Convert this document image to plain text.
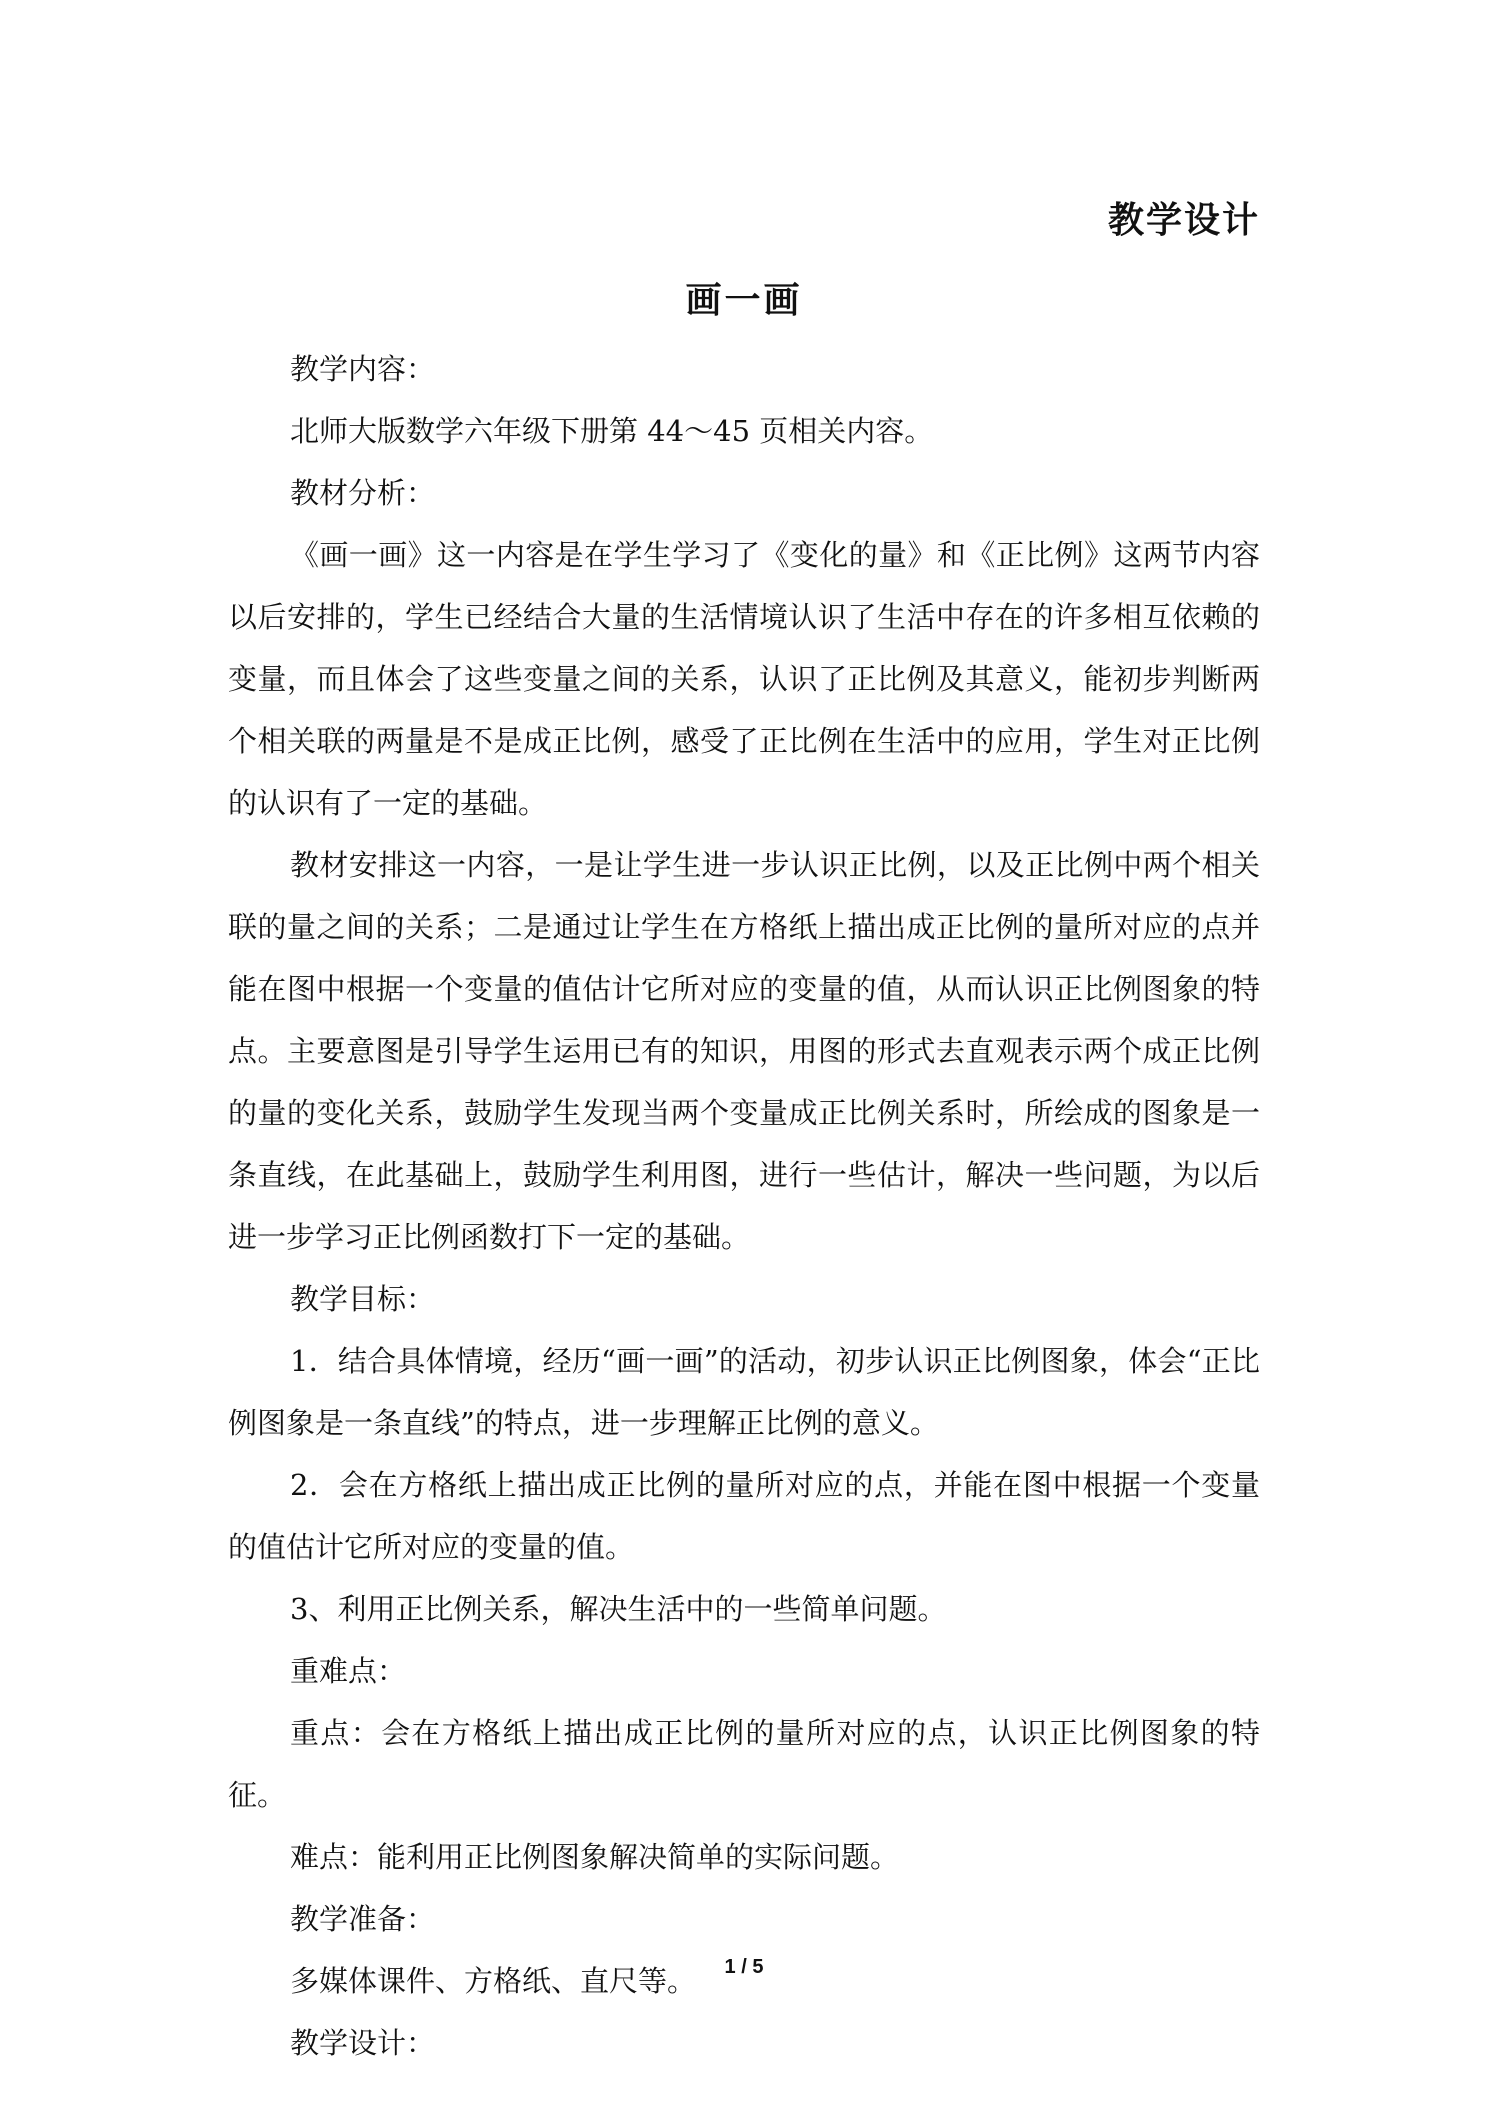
教学设计
画一画

教学内容：

北师大版数学六年级下册第 44～45 页相关内容。

教材分析：

《画一画》这一内容是在学生学习了《变化的量》和《正比例》这两节内容以后安排的，学生已经结合大量的生活情境认识了生活中存在的许多相互依赖的变量，而且体会了这些变量之间的关系，认识了正比例及其意义，能初步判断两个相关联的两量是不是成正比例，感受了正比例在生活中的应用，学生对正比例的认识有了一定的基础。

教材安排这一内容，一是让学生进一步认识正比例，以及正比例中两个相关联的量之间的关系；二是通过让学生在方格纸上描出成正比例的量所对应的点并能在图中根据一个变量的值估计它所对应的变量的值，从而认识正比例图象的特点。主要意图是引导学生运用已有的知识，用图的形式去直观表示两个成正比例的量的变化关系，鼓励学生发现当两个变量成正比例关系时，所绘成的图象是一条直线，在此基础上，鼓励学生利用图，进行一些估计，解决一些问题，为以后进一步学习正比例函数打下一定的基础。

教学目标：

1．结合具体情境，经历“画一画”的活动，初步认识正比例图象，体会“正比例图象是一条直线”的特点，进一步理解正比例的意义。

2．会在方格纸上描出成正比例的量所对应的点，并能在图中根据一个变量的值估计它所对应的变量的值。

3、利用正比例关系，解决生活中的一些简单问题。

重难点：

重点：会在方格纸上描出成正比例的量所对应的点，认识正比例图象的特征。

难点：能利用正比例图象解决简单的实际问题。

教学准备：

多媒体课件、方格纸、直尺等。

教学设计：

1 / 5
